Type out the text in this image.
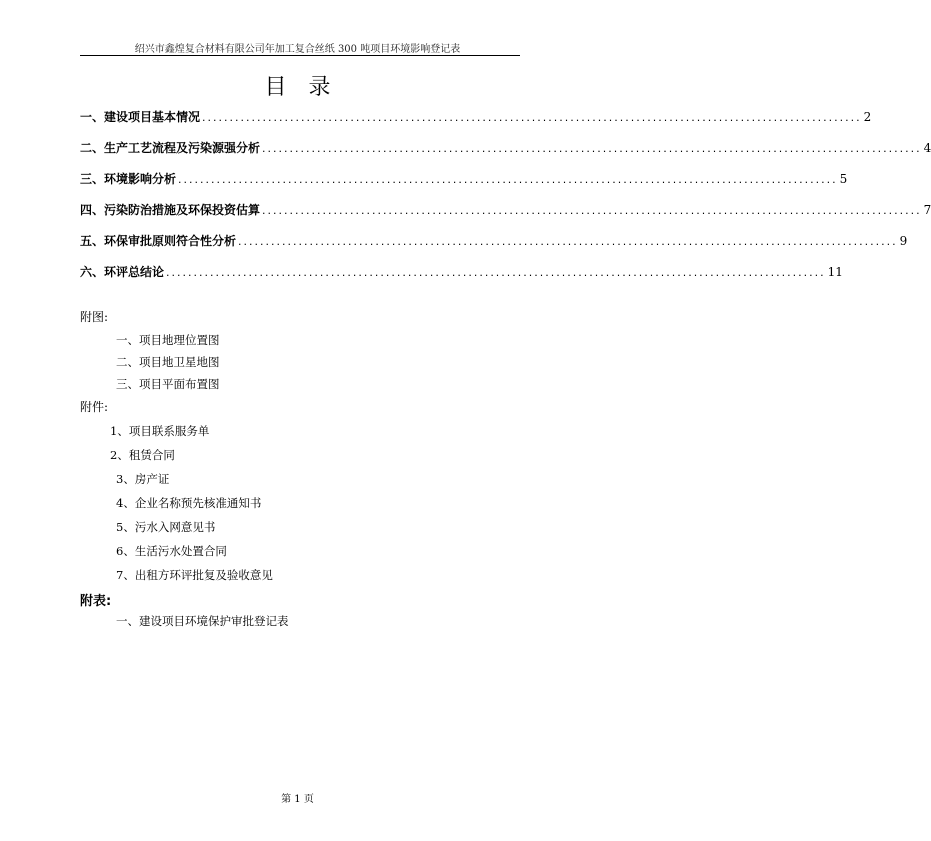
绍兴市鑫煌复合材料有限公司年加工复合丝纸 300 吨项目环境影响登记表
目录
一、建设项目基本情况 ........................................................................................................................ 2
二、生产工艺流程及污染源强分析 ........................................................................................................................ 4
三、环境影响分析 ........................................................................................................................ 5
四、污染防治措施及环保投资估算 ........................................................................................................................ 7
五、环保审批原则符合性分析 ........................................................................................................................ 9
六、环评总结论 ........................................................................................................................ 11
附图:
一、项目地理位置图
二、项目地卫星地图
三、项目平面布置图
附件:
1、项目联系服务单
2、租赁合同
3、房产证
4、企业名称预先核准通知书
5、污水入网意见书
6、生活污水处置合同
7、出租方环评批复及验收意见
附表:
一、建设项目环境保护审批登记表
第 1 页
